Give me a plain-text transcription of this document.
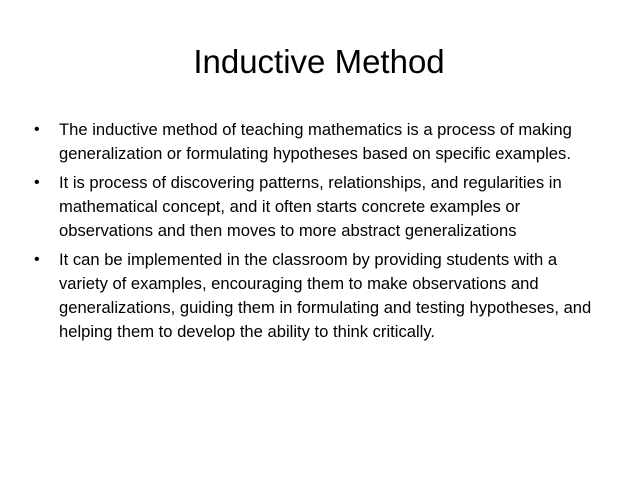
Inductive Method
•	The inductive method of teaching mathematics is a process of making generalization or formulating hypotheses based on specific examples.
•	It is process of discovering patterns, relationships, and regularities in mathematical concept, and it often starts concrete examples or observations and then moves to more abstract generalizations
•	It can be implemented in the classroom by providing students with a variety of examples, encouraging them to make observations and generalizations, guiding them in formulating and testing hypotheses, and helping them to develop the ability to think critically.
